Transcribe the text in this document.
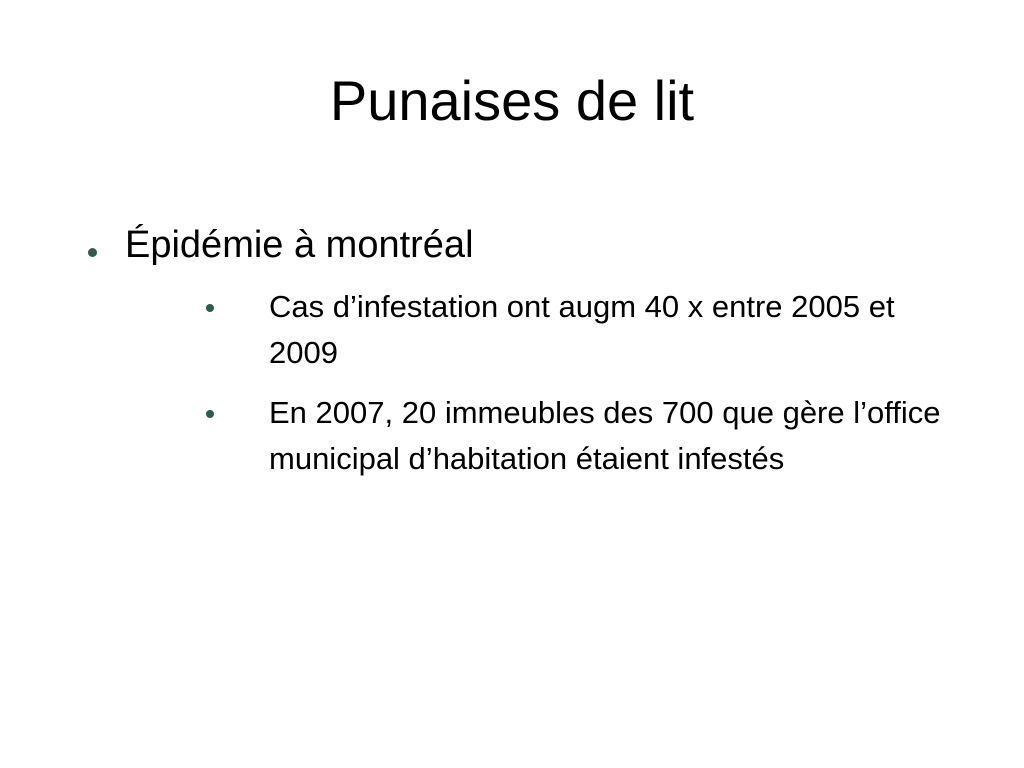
Punaises de lit
Épidémie à montréal
Cas d’infestation ont augm 40 x entre 2005 et 2009
En 2007, 20 immeubles des 700 que gère l’office municipal d’habitation étaient infestés
